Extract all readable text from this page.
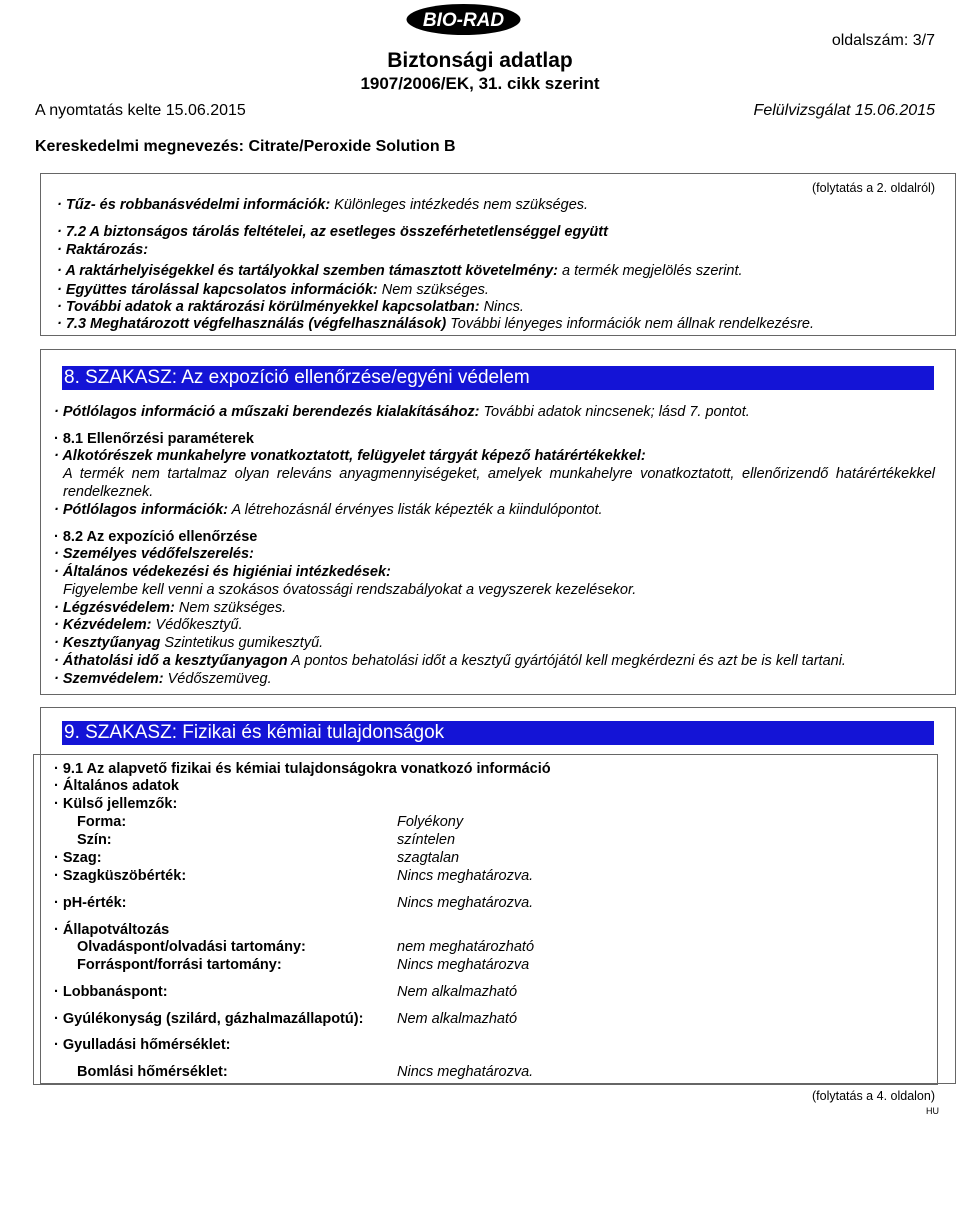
BIO-RAD
oldalszám: 3/7
Biztonsági adatlap
1907/2006/EK, 31. cikk szerint
A nyomtatás kelte 15.06.2015	Felülvizsgálat 15.06.2015
Kereskedelmi megnevezés: Citrate/Peroxide Solution B
(folytatás a 2. oldalról)
· Tűz- és robbanásvédelmi információk: Különleges intézkedés nem szükséges.
· 7.2 A biztonságos tárolás feltételei, az esetleges összeférhetetlenséggel együtt
· Raktározás:
· A raktárhelyiségekkel és tartályokkal szemben támasztott követelmény: a termék megjelölés szerint.
· Együttes tárolással kapcsolatos információk: Nem szükséges.
· További adatok a raktározási körülményekkel kapcsolatban: Nincs.
· 7.3 Meghatározott végfelhasználás (végfelhasználások) További lényeges információk nem állnak rendelkezésre.
8. SZAKASZ: Az expozíció ellenőrzése/egyéni védelem
· Pótlólagos információ a műszaki berendezés kialakításához: További adatok nincsenek; lásd 7. pontot.
· 8.1 Ellenőrzési paraméterek
· Alkotórészek munkahelyre vonatkoztatott, felügyelet tárgyát képező határértékekkel:
A termék nem tartalmaz olyan releváns anyagmennyiségeket, amelyek munkahelyre vonatkoztatott, ellenőrizendő határértékekkel rendelkeznek.
· Pótlólagos információk: A létrehozásnál érvényes listák képezték a kiindulópontot.
· 8.2 Az expozíció ellenőrzése
· Személyes védőfelszerelés:
· Általános védekezési és higiéniai intézkedések:
Figyelembe kell venni a szokásos óvatossági rendszabályokat a vegyszerek kezelésekor.
· Légzésvédelem: Nem szükséges.
· Kézvédelem: Védőkesztyű.
· Kesztyűanyag Szintetikus gumikesztyű.
· Áthatolási idő a kesztyűanyagon A pontos behatolási időt a kesztyű gyártójától kell megkérdezni és azt be is kell tartani.
· Szemvédelem: Védőszemüveg.
9. SZAKASZ: Fizikai és kémiai tulajdonságok
· 9.1 Az alapvető fizikai és kémiai tulajdonságokra vonatkozó információ
· Általános adatok
· Külső jellemzők:
Forma:	Folyékony
Szín:	színtelen
· Szag:	szagtalan
· Szagküszöbérték:	Nincs meghatározva.
· pH-érték:	Nincs meghatározva.
· Állapotváltozás
Olvadáspont/olvadási tartomány:	nem meghatározható
Forráspont/forrási tartomány:	Nincs meghatározva
· Lobbanáspont:	Nem alkalmazható
· Gyúlékonyság (szilárd, gázhalmazállapotú): Nem alkalmazható
· Gyulladási hőmérséklet:
Bomlási hőmérséklet:	Nincs meghatározva.
(folytatás a 4. oldalon)
HU
